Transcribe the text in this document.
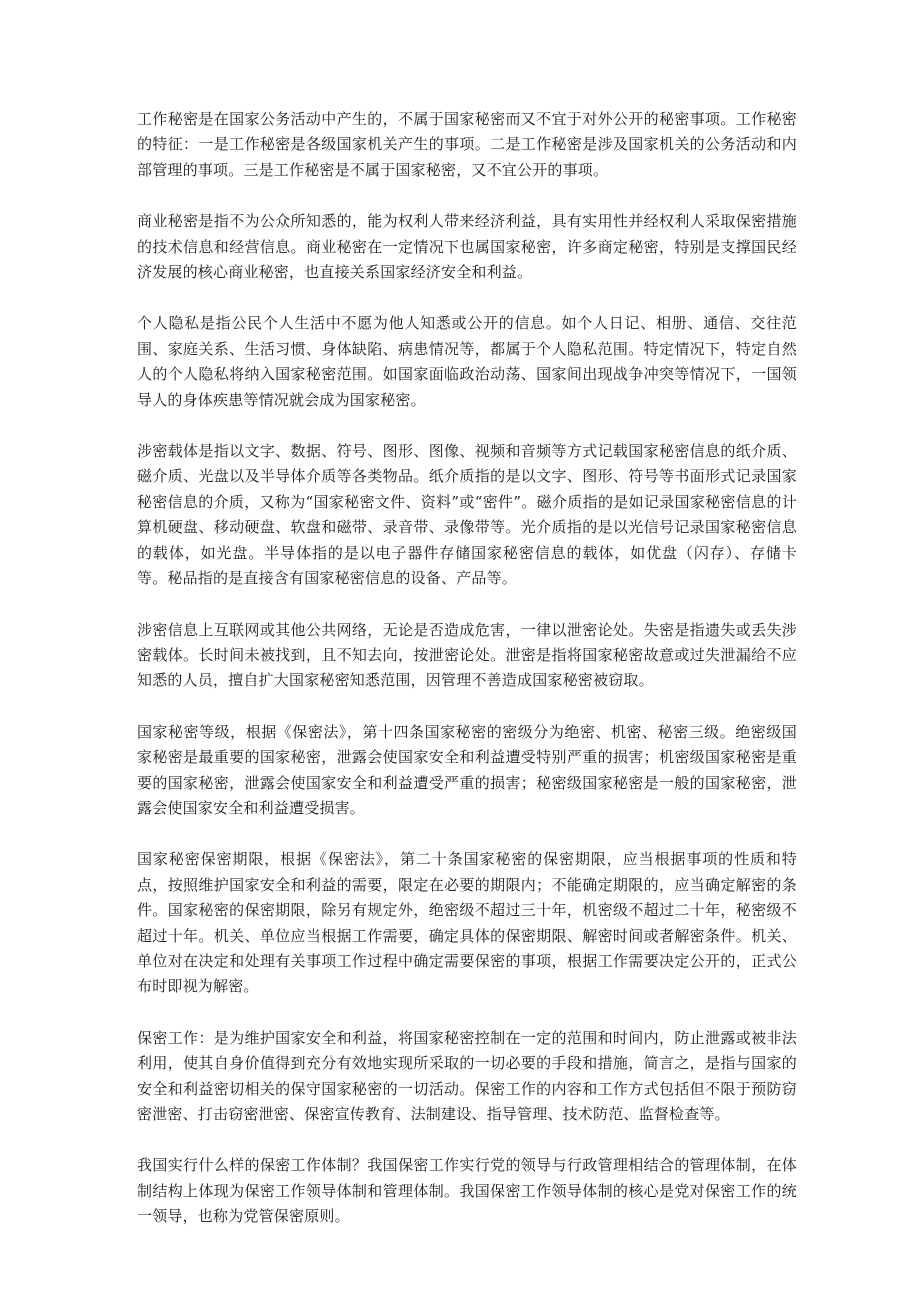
工作秘密是在国家公务活动中产生的，不属于国家秘密而又不宜于对外公开的秘密事项。工作秘密的特征：一是工作秘密是各级国家机关产生的事项。二是工作秘密是涉及国家机关的公务活动和内部管理的事项。三是工作秘密是不属于国家秘密，又不宜公开的事项。

商业秘密是指不为公众所知悉的，能为权利人带来经济利益，具有实用性并经权利人采取保密措施的技术信息和经营信息。商业秘密在一定情况下也属国家秘密，许多商定秘密，特别是支撑国民经济发展的核心商业秘密，也直接关系国家经济安全和利益。

个人隐私是指公民个人生活中不愿为他人知悉或公开的信息。如个人日记、相册、通信、交往范围、家庭关系、生活习惯、身体缺陷、病患情况等，都属于个人隐私范围。特定情况下，特定自然人的个人隐私将纳入国家秘密范围。如国家面临政治动荡、国家间出现战争冲突等情况下，一国领导人的身体疾患等情况就会成为国家秘密。

涉密载体是指以文字、数据、符号、图形、图像、视频和音频等方式记载国家秘密信息的纸介质、磁介质、光盘以及半导体介质等各类物品。纸介质指的是以文字、图形、符号等书面形式记录国家秘密信息的介质，又称为“国家秘密文件、资料”或“密件”。磁介质指的是如记录国家秘密信息的计算机硬盘、移动硬盘、软盘和磁带、录音带、录像带等。光介质指的是以光信号记录国家秘密信息的载体，如光盘。半导体指的是以电子器件存储国家秘密信息的载体，如优盘（闪存）、存储卡等。秘品指的是直接含有国家秘密信息的设备、产品等。

涉密信息上互联网或其他公共网络，无论是否造成危害，一律以泄密论处。失密是指遗失或丢失涉密载体。长时间未被找到，且不知去向，按泄密论处。泄密是指将国家秘密故意或过失泄漏给不应知悉的人员，擅自扩大国家秘密知悉范围，因管理不善造成国家秘密被窃取。

国家秘密等级，根据《保密法》，第十四条国家秘密的密级分为绝密、机密、秘密三级。绝密级国家秘密是最重要的国家秘密，泄露会使国家安全和利益遭受特别严重的损害；机密级国家秘密是重要的国家秘密，泄露会使国家安全和利益遭受严重的损害；秘密级国家秘密是一般的国家秘密，泄露会使国家安全和利益遭受损害。

国家秘密保密期限，根据《保密法》，第二十条国家秘密的保密期限，应当根据事项的性质和特点，按照维护国家安全和利益的需要，限定在必要的期限内；不能确定期限的，应当确定解密的条件。国家秘密的保密期限，除另有规定外，绝密级不超过三十年，机密级不超过二十年，秘密级不超过十年。机关、单位应当根据工作需要，确定具体的保密期限、解密时间或者解密条件。机关、单位对在决定和处理有关事项工作过程中确定需要保密的事项，根据工作需要决定公开的，正式公布时即视为解密。

保密工作：是为维护国家安全和利益，将国家秘密控制在一定的范围和时间内，防止泄露或被非法利用，使其自身价值得到充分有效地实现所采取的一切必要的手段和措施，简言之，是指与国家的安全和利益密切相关的保守国家秘密的一切活动。保密工作的内容和工作方式包括但不限于预防窃密泄密、打击窃密泄密、保密宣传教育、法制建设、指导管理、技术防范、监督检查等。

我国实行什么样的保密工作体制？我国保密工作实行党的领导与行政管理相结合的管理体制，在体制结构上体现为保密工作领导体制和管理体制。我国保密工作领导体制的核心是党对保密工作的统一领导，也称为党管保密原则。
